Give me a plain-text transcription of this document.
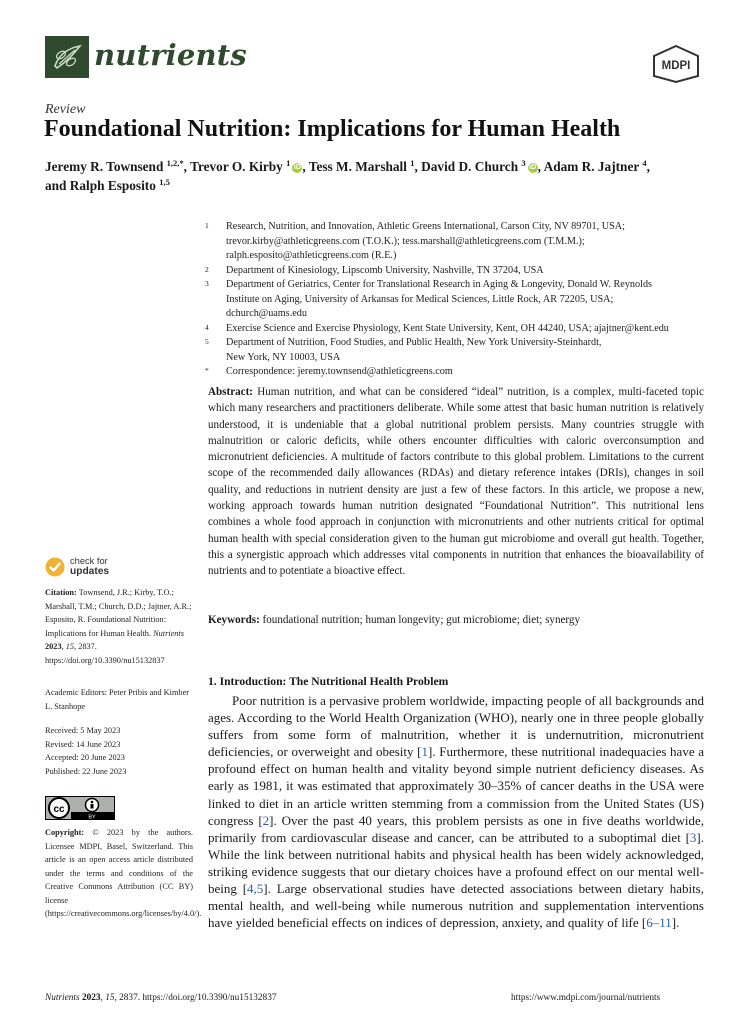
nutrients	MDPI
Review
Foundational Nutrition: Implications for Human Health
Jeremy R. Townsend $^{1,2,*}$, Trevor O. Kirby $^1$ iD , Tess M. Marshall $^1$, David D. Church $^3$ iD , Adam R. Jajtner $^4$,
and Ralph Esposito $^{1,5}$
1	Research, Nutrition, and Innovation, Athletic Greens International, Carson City, NV 89701, USA;
trevor.kirby@athleticgreens.com (T.O.K.); tess.marshall@athleticgreens.com (T.M.M.);
ralph.esposito@athleticgreens.com (R.E.)
2	Department of Kinesiology, Lipscomb University, Nashville, TN 37204, USA
3	Department of Geriatrics, Center for Translational Research in Aging & Longevity, Donald W. Reynolds
Institute on Aging, University of Arkansas for Medical Sciences, Little Rock, AR 72205, USA;
dchurch@uams.edu
4	Exercise Science and Exercise Physiology, Kent State University, Kent, OH 44240, USA; ajajtner@kent.edu
5	Department of Nutrition, Food Studies, and Public Health, New York University-Steinhardt,
New York, NY 10003, USA
*	Correspondence: jeremy.townsend@athleticgreens.com

Abstract: Human nutrition, and what can be considered “ideal” nutrition, is a complex, multi-faceted topic which many researchers and practitioners deliberate. While some attest that basic human nutrition is relatively understood, it is undeniable that a global nutritional problem persists. Many countries struggle with malnutrition or caloric deficits, while others encounter difficulties with caloric overconsumption and micronutrient deficiencies. A multitude of factors contribute to this global problem. Limitations to the current scope of the recommended daily allowances (RDAs) and dietary reference intakes (DRIs), changes in soil quality, and reductions in nutrient density are just a few of these factors. In this article, we propose a new, working approach towards human nutrition designated “Foundational Nutrition”. This nutritional lens combines a whole food approach in conjunction with micronutrients and other nutrients critical for optimal human health with special consideration given to the human gut microbiome and overall gut health. Together, this a synergistic approach which addresses vital components in nutrition that enhances the bioavailability of nutrients and to potentiate a bioactive effect.

Keywords: foundational nutrition; human longevity; gut microbiome; diet; synergy

check for
updates
Citation: Townsend, J.R.; Kirby, T.O.; Marshall, T.M.; Church, D.D.; Jajtner, A.R.; Esposito, R. Foundational Nutrition: Implications for Human Health. Nutrients 2023, 15, 2837. https://doi.org/10.3390/nu15132837
Academic Editors: Peter Pribis and Kimber L. Stanhope
Received: 5 May 2023
Revised: 14 June 2023
Accepted: 20 June 2023
Published: 22 June 2023
cc
BY
Copyright: © 2023 by the authors. Licensee MDPI, Basel, Switzerland. This article is an open access article distributed under the terms and conditions of the Creative Commons Attribution (CC BY) license (https://creativecommons.org/licenses/by/4.0/).
1. Introduction: The Nutritional Health Problem

Poor nutrition is a pervasive problem worldwide, impacting people of all backgrounds and ages. According to the World Health Organization (WHO), nearly one in three people globally suffers from some form of malnutrition, whether it is undernutrition, micronutrient deficiencies, or overweight and obesity [1]. Furthermore, these nutritional inadequacies have a profound effect on human health and vitality beyond simple nutrient deficiency diseases. As early as 1981, it was estimated that approximately 30–35% of cancer deaths in the USA were linked to diet in an article written stemming from a commission from the United States (US) congress [2]. Over the past 40 years, this problem persists as one in five deaths worldwide, primarily from cardiovascular disease and cancer, can be attributed to a suboptimal diet [3]. While the link between nutritional habits and physical health has been widely acknowledged, striking evidence suggests that our dietary choices have a profound effect on our mental well-being [4,5]. Large observational studies have detected associations between dietary habits, mental health, and well-being while numerous nutrition and supplementation interventions have yielded beneficial effects on indices of depression, anxiety, and quality of life [6–11].

Nutrients 2023, 15, 2837. https://doi.org/10.3390/nu15132837	https://www.mdpi.com/journal/nutrients
